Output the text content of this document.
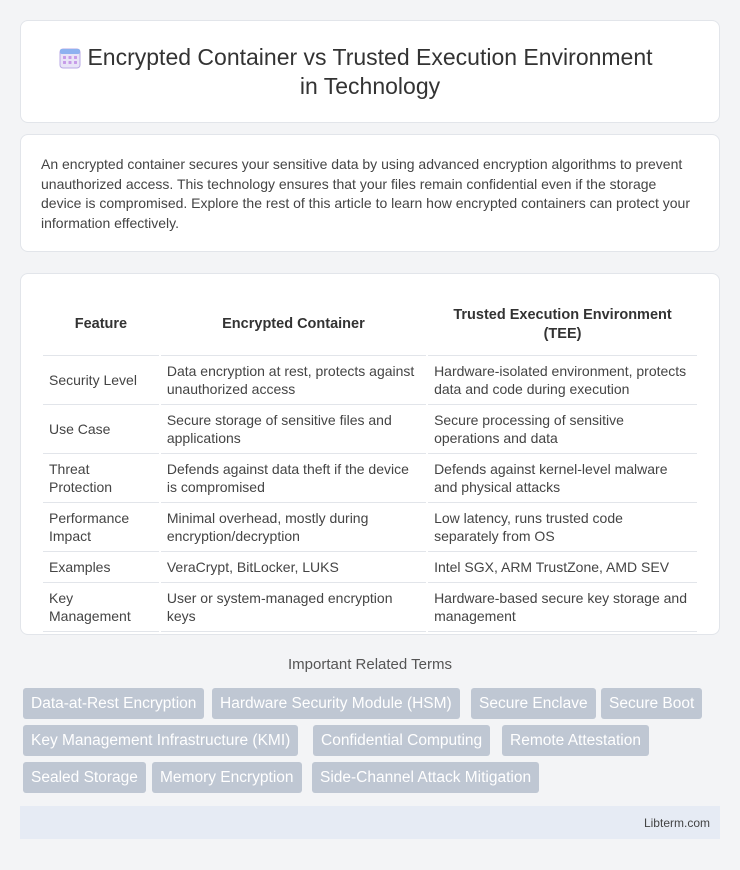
Encrypted Container vs Trusted Execution Environment
in Technology

An encrypted container secures your sensitive data by using advanced encryption algorithms to prevent unauthorized access. This technology ensures that your files remain confidential even if the storage device is compromised. Explore the rest of this article to learn how encrypted containers can protect your information effectively.

Feature	Encrypted Container	Trusted Execution Environment (TEE)
Security Level	Data encryption at rest, protects against unauthorized access	Hardware-isolated environment, protects data and code during execution
Use Case	Secure storage of sensitive files and applications	Secure processing of sensitive operations and data
Threat Protection	Defends against data theft if the device is compromised	Defends against kernel-level malware and physical attacks
Performance Impact	Minimal overhead, mostly during encryption/decryption	Low latency, runs trusted code separately from OS
Examples	VeraCrypt, BitLocker, LUKS	Intel SGX, ARM TrustZone, AMD SEV
Key Management	User or system-managed encryption keys	Hardware-based secure key storage and management
Important Related Terms
Data-at-Rest Encryption	Hardware Security Module (HSM)	Secure Enclave	Secure Boot
Key Management Infrastructure (KMI)	Confidential Computing	Remote Attestation
Sealed Storage	Memory Encryption	Side-Channel Attack Mitigation
Libterm.com
